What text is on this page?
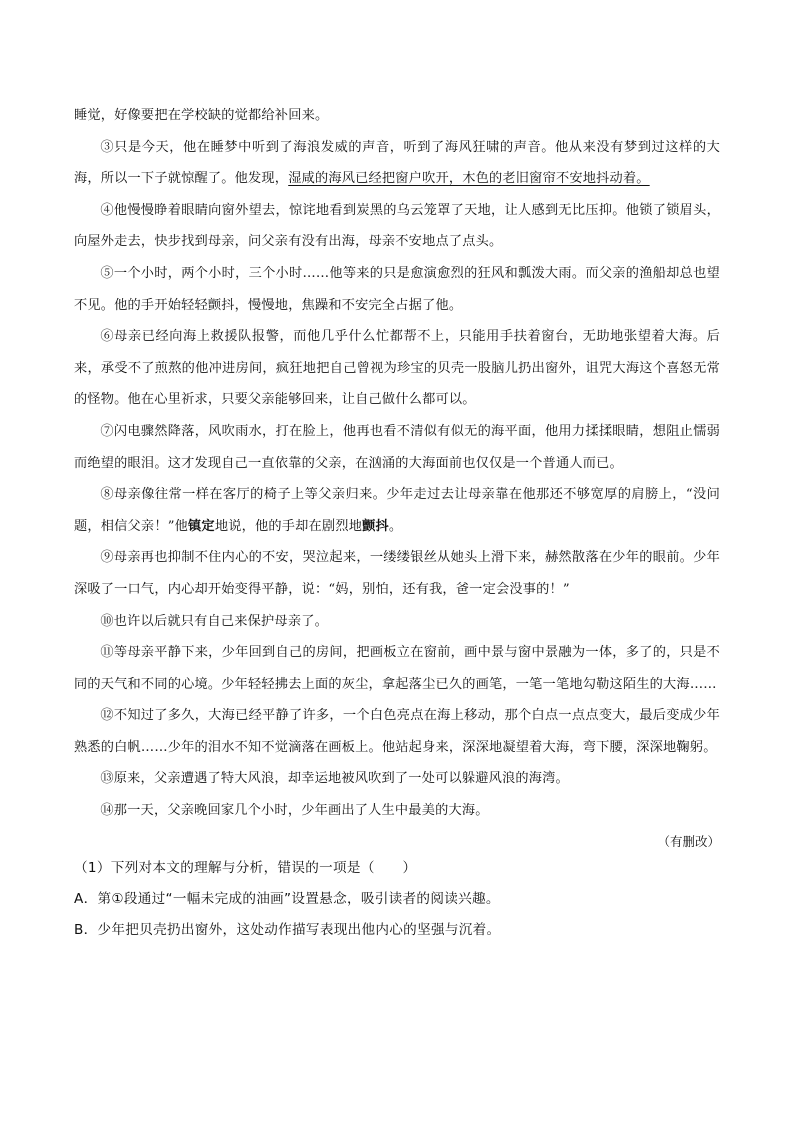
睡觉，好像要把在学校缺的觉都给补回来。

③只是今天，他在睡梦中听到了海浪发威的声音，听到了海风狂啸的声音。他从来没有梦到过这样的大海，所以一下子就惊醒了。他发现，湿咸的海风已经把窗户吹开，木色的老旧窗帘不安地抖动着。

④他慢慢睁着眼睛向窗外望去，惊诧地看到炭黑的乌云笼罩了天地，让人感到无比压抑。他锁了锁眉头，向屋外走去，快步找到母亲，问父亲有没有出海，母亲不安地点了点头。

⑤一个小时，两个小时，三个小时……他等来的只是愈演愈烈的狂风和瓢泼大雨。而父亲的渔船却总也望不见。他的手开始轻轻颤抖，慢慢地，焦躁和不安完全占据了他。

⑥母亲已经向海上救援队报警，而他几乎什么忙都帮不上，只能用手扶着窗台，无助地张望着大海。后来，承受不了煎熬的他冲进房间，疯狂地把自己曾视为珍宝的贝壳一股脑儿扔出窗外，诅咒大海这个喜怒无常的怪物。他在心里祈求，只要父亲能够回来，让自己做什么都可以。

⑦闪电骤然降落，风吹雨水，打在脸上，他再也看不清似有似无的海平面，他用力揉揉眼睛，想阻止懦弱而绝望的眼泪。这才发现自己一直依靠的父亲，在汹涌的大海面前也仅仅是一个普通人而已。

⑧母亲像往常一样在客厅的椅子上等父亲归来。少年走过去让母亲靠在他那还不够宽厚的肩膀上，“没问题，相信父亲！”他镇定地说，他的手却在剧烈地颤抖。

⑨母亲再也抑制不住内心的不安，哭泣起来，一缕缕银丝从她头上滑下来，赫然散落在少年的眼前。少年深吸了一口气，内心却开始变得平静，说：“妈，别怕，还有我，爸一定会没事的！”

⑩也许以后就只有自己来保护母亲了。

⑪等母亲平静下来，少年回到自己的房间，把画板立在窗前，画中景与窗中景融为一体，多了的，只是不同的天气和不同的心境。少年轻轻拂去上面的灰尘，拿起落尘已久的画笔，一笔一笔地勾勒这陌生的大海……

⑫不知过了多久，大海已经平静了许多，一个白色亮点在海上移动，那个白点一点点变大，最后变成少年熟悉的白帆……少年的泪水不知不觉滴落在画板上。他站起身来，深深地凝望着大海，弯下腰，深深地鞠躬。

⑬原来，父亲遭遇了特大风浪，却幸运地被风吹到了一处可以躲避风浪的海湾。

⑭那一天，父亲晚回家几个小时，少年画出了人生中最美的大海。

（有删改）

（1）下列对本文的理解与分析，错误的一项是（　　）

A．第①段通过“一幅未完成的油画”设置悬念，吸引读者的阅读兴趣。

B．少年把贝壳扔出窗外，这处动作描写表现出他内心的坚强与沉着。
